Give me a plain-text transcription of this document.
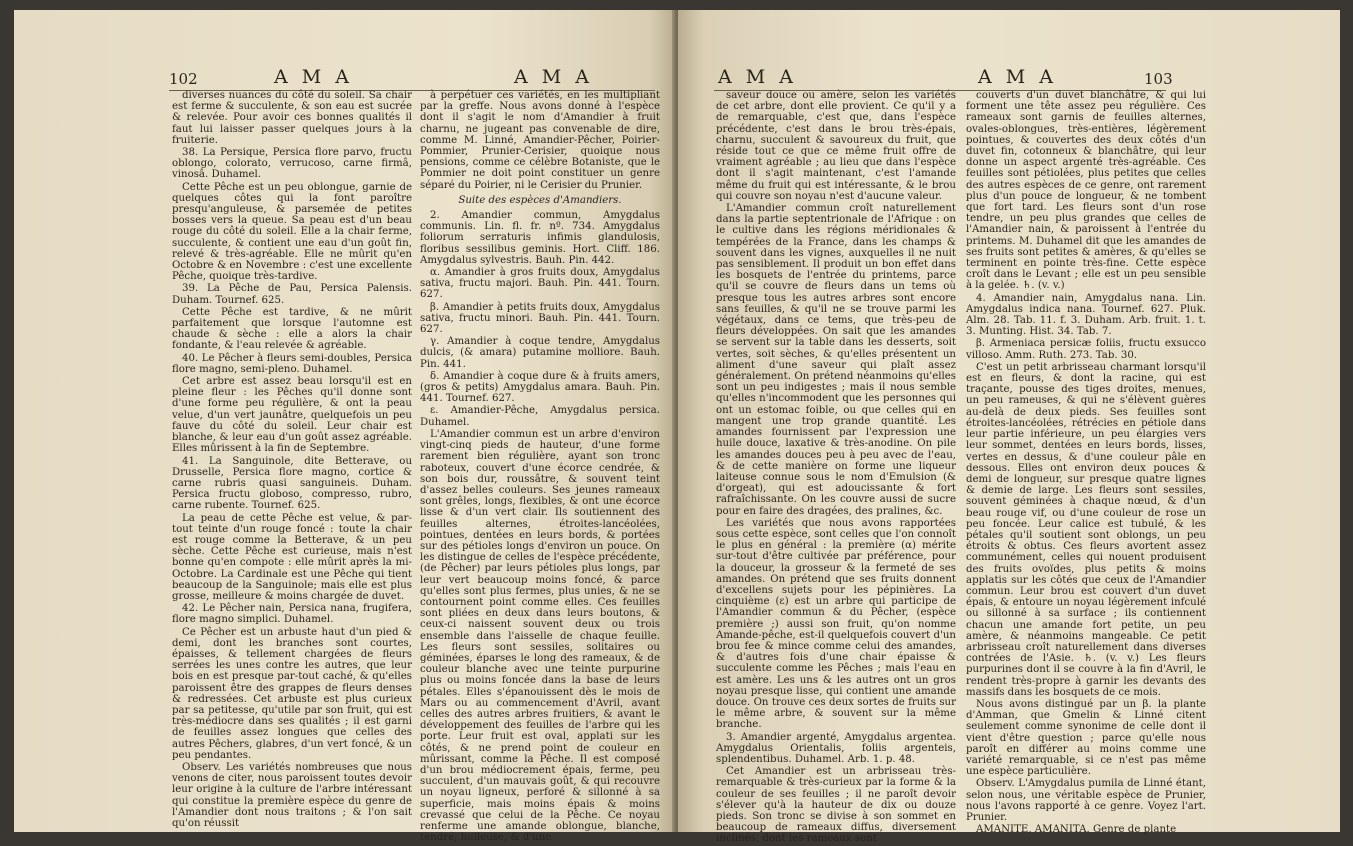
102	A M A	A M A

diverses nuances du côté du soleil. Sa chair est ferme & succulente, & son eau est sucrée & relevée. Pour avoir ces bonnes qualités il faut lui laisser passer quelques jours à la fruiterie.

38. La Persique, Persica flore parvo, fructu oblongo, colorato, verrucoso, carne firmâ, vinosâ. Duhamel.

Cette Pêche est un peu oblongue, garnie de quelques côtes qui la font paroître presqu'anguleuse, & parsemée de petites bosses vers la queue. Sa peau est d'un beau rouge du côté du soleil. Elle a la chair ferme, succulente, & contient une eau d'un goût fin, relevé & très-agréable. Elle ne mûrit qu'en Octobre & en Novembre : c'est une excellente Pêche, quoique très-tardive.

39. La Pêche de Pau, Persica Palensis. Duham. Tournef. 625.

Cette Pêche est tardive, & ne mûrit parfaitement que lorsque l'automne est chaude & sèche : elle a alors la chair fondante, & l'eau relevée & agréable.

40. Le Pêcher à fleurs semi-doubles, Persica flore magno, semi-pleno. Duhamel.

Cet arbre est assez beau lorsqu'il est en pleine fleur : les Pêches qu'il donne sont d'une forme peu régulière, & ont la peau velue, d'un vert jaunâtre, quelquefois un peu fauve du côté du soleil. Leur chair est blanche, & leur eau d'un goût assez agréable. Elles mûrissent à la fin de Septembre.

41. La Sanguinole, dite Betterave, ou Drusselle, Persica flore magno, cortice & carne rubris quasi sanguineis. Duham. Persica fructu globoso, compresso, rubro, carne rubente. Tournef. 625.

La peau de cette Pêche est velue, & par-tout teinte d'un rouge foncé : toute la chair est rouge comme la Betterave, & un peu sèche. Cette Pêche est curieuse, mais n'est bonne qu'en compote : elle mûrit après la mi-Octobre. La Cardinale est une Pêche qui tient beaucoup de la Sanguinole; mais elle est plus grosse, meilleure & moins chargée de duvet.

42. Le Pêcher nain, Persica nana, frugifera, flore magno simplici. Duhamel.

Ce Pêcher est un arbuste haut d'un pied & demi, dont les branches sont courtes, épaisses, & tellement chargées de fleurs serrées les unes contre les autres, que leur bois en est presque par-tout caché, & qu'elles paroissent être des grappes de fleurs denses & redressées. Cet arbuste est plus curieux par sa petitesse, qu'utile par son fruit, qui est très-médiocre dans ses qualités ; il est garni de feuilles assez longues que celles des autres Pêchers, glabres, d'un vert foncé, & un peu pendantes.

Observ. Les variétés nombreuses que nous venons de citer, nous paroissent toutes devoir leur origine à la culture de l'arbre intéressant qui constitue la première espèce du genre de l'Amandier dont nous traitons ; & l'on sait qu'on réussit

à perpétuer ces variétés, en les multipliant par la greffe. Nous avons donné à l'espèce dont il s'agit le nom d'Amandier à fruit charnu, ne jugeant pas convenable de dire, comme M. Linné, Amandier-Pêcher, Poirier-Pommier, Prunier-Cerisier, quoique nous pensions, comme ce célèbre Botaniste, que le Pommier ne doit point constituer un genre séparé du Poirier, ni le Cerisier du Prunier.

Suite des espèces d'Amandiers.

2. Amandier commun, Amygdalus communis. Lin. fl. fr. nº. 734. Amygdalus foliorum serraturis infimis glandulosis, floribus sessilibus geminis. Hort. Cliff. 186. Amygdalus sylvestris. Bauh. Pin. 442.

α. Amandier à gros fruits doux, Amygdalus sativa, fructu majori. Bauh. Pin. 441. Tourn. 627.

β. Amandier à petits fruits doux, Amygdalus sativa, fructu minori. Bauh. Pin. 441. Tourn. 627.

γ. Amandier à coque tendre, Amygdalus dulcis, (& amara) putamine molliore. Bauh. Pin. 441.

δ. Amandier à coque dure & à fruits amers, (gros & petits) Amygdalus amara. Bauh. Pin. 441. Tournef. 627.

ε. Amandier-Pêche, Amygdalus persica. Duhamel.

L'Amandier commun est un arbre d'environ vingt-cinq pieds de hauteur, d'une forme rarement bien régulière, ayant son tronc raboteux, couvert d'une écorce cendrée, & son bois dur, roussâtre, & souvent teint d'assez belles couleurs. Ses jeunes rameaux sont grêles, longs, flexibles, & ont une écorce lisse & d'un vert clair. Ils soutiennent des feuilles alternes, étroites-lancéolées, pointues, dentées en leurs bords, & portées sur des pétioles longs d'environ un pouce. On les distingue de celles de l'espèce précédente, (de Pêcher) par leurs pétioles plus longs, par leur vert beaucoup moins foncé, & parce qu'elles sont plus fermes, plus unies, & ne se contournent point comme elles. Ces feuilles sont pliées en deux dans leurs boutons, & ceux-ci naissent souvent deux ou trois ensemble dans l'aisselle de chaque feuille. Les fleurs sont sessiles, solitaires ou géminées, éparses le long des rameaux, & de couleur blanche avec une teinte purpurine plus ou moins foncée dans la base de leurs pétales. Elles s'épanouissent dès le mois de Mars ou au commencement d'Avril, avant celles des autres arbres fruitiers, & avant le développement des feuilles de l'arbre qui les porte. Leur fruit est oval, applati sur les côtés, & ne prend point de couleur en mûrissant, comme la Pêche. Il est composé d'un brou médiocrement épais, ferme, peu succulent, d'un mauvais goût, & qui recouvre un noyau ligneux, perforé & sillonné à sa superficie, mais moins épais & moins crevassé que celui de la Pêche. Ce noyau renferme une amande oblongue, blanche, tendre, huileuse, & d'une

A M A	A M A	103

saveur douce ou amère, selon les variétés de cet arbre, dont elle provient. Ce qu'il y a de remarquable, c'est que, dans l'espèce précédente, c'est dans le brou très-épais, charnu, succulent & savoureux du fruit, que réside tout ce que ce même fruit offre de vraiment agréable ; au lieu que dans l'espèce dont il s'agit maintenant, c'est l'amande même du fruit qui est intéressante, & le brou qui couvre son noyau n'est d'aucune valeur.

L'Amandier commun croît naturellement dans la partie septentrionale de l'Afrique : on le cultive dans les régions méridionales & tempérées de la France, dans les champs & souvent dans les vignes, auxquelles il ne nuit pas sensiblement. Il produit un bon effet dans les bosquets de l'entrée du printems, parce qu'il se couvre de fleurs dans un tems où presque tous les autres arbres sont encore sans feuilles, & qu'il ne se trouve parmi les végétaux, dans ce tems, que très-peu de fleurs développées. On sait que les amandes se servent sur la table dans les desserts, soit vertes, soit sèches, & qu'elles présentent un aliment d'une saveur qui plaît assez généralement. On prétend néanmoins qu'elles sont un peu indigestes ; mais il nous semble qu'elles n'incommodent que les personnes qui ont un estomac foible, ou que celles qui en mangent une trop grande quantité. Les amandes fournissent par l'expression une huile douce, laxative & très-anodine. On pile les amandes douces peu à peu avec de l'eau, & de cette manière on forme une liqueur laiteuse connue sous le nom d'Emulsion (& d'orgeat), qui est adoucissante & fort rafraîchissante. On les couvre aussi de sucre pour en faire des dragées, des pralines, &c.

Les variétés que nous avons rapportées sous cette espèce, sont celles que l'on connoît le plus en général : la première (α) mérite sur-tout d'être cultivée par préférence, pour la douceur, la grosseur & la fermeté de ses amandes. On prétend que ses fruits donnent d'excellens sujets pour les pépinières. La cinquième (ε) est un arbre qui participe de l'Amandier commun & du Pêcher, (espèce première ;) aussi son fruit, qu'on nomme Amande-pêche, est-il quelquefois couvert d'un brou fee & mince comme celui des amandes, & d'autres fois d'une chair épaisse & succulente comme les Pêches ; mais l'eau en est amère. Les uns & les autres ont un gros noyau presque lisse, qui contient une amande douce. On trouve ces deux sortes de fruits sur le même arbre, & souvent sur la même branche.

3. Amandier argenté, Amygdalus argentea. Amygdalus Orientalis, foliis argenteis, splendentibus. Duhamel. Arb. 1. p. 48.

Cet Amandier est un arbrisseau très-remarquable & très-curieux par la forme & la couleur de ses feuilles ; il ne paroît devoir s'élever qu'à la hauteur de dix ou douze pieds. Son tronc se divise à son sommet en beaucoup de rameaux diffus, diversement inclinés, dont les rameaux sont

couverts d'un duvet blanchâtre, & qui lui forment une tête assez peu régulière. Ces rameaux sont garnis de feuilles alternes, ovales-oblongues, très-entières, légèrement pointues, & couvertes des deux côtés d'un duvet fin, cotonneux & blanchâtre, qui leur donne un aspect argenté très-agréable. Ces feuilles sont pétiolées, plus petites que celles des autres espèces de ce genre, ont rarement plus d'un pouce de longueur, & ne tombent que fort tard. Les fleurs sont d'un rose tendre, un peu plus grandes que celles de l'Amandier nain, & paroissent à l'entrée du printems. M. Duhamel dit que les amandes de ses fruits sont petites & amères, & qu'elles se terminent en pointe très-fine. Cette espèce croît dans le Levant ; elle est un peu sensible à la gelée. ♄. (v. v.)

4. Amandier nain, Amygdalus nana. Lin. Amygdalus indica nana. Tournef. 627. Pluk. Alm. 28. Tab. 11. f. 3. Duham. Arb. fruit. 1. t. 3. Munting. Hist. 34. Tab. 7.

β. Armeniaca persicæ foliis, fructu exsucco villoso. Amm. Ruth. 273. Tab. 30.

C'est un petit arbrisseau charmant lorsqu'il est en fleurs, & dont la racine, qui est traçante, pousse des tiges droites, menues, un peu rameuses, & qui ne s'élèvent guères au-delà de deux pieds. Ses feuilles sont étroites-lancéolées, rétrécies en pétiole dans leur partie inférieure, un peu élargies vers leur sommet, dentées en leurs bords, lisses, vertes en dessus, & d'une couleur pâle en dessous. Elles ont environ deux pouces & demi de longueur, sur presque quatre lignes & demie de large. Les fleurs sont sessiles, souvent géminées à chaque nœud, & d'un beau rouge vif, ou d'une couleur de rose un peu foncée. Leur calice est tubulé, & les pétales qu'il soutient sont oblongs, un peu étroits & obtus. Ces fleurs avortent assez communément, celles qui nouent produisent des fruits ovoïdes, plus petits & moins applatis sur les côtés que ceux de l'Amandier commun. Leur brou est couvert d'un duvet épais, & entoure un noyau légèrement infculé ou sillonné à sa surface ; ils contiennent chacun une amande fort petite, un peu amère, & néanmoins mangeable. Ce petit arbrisseau croît naturellement dans diverses contrées de l'Asie. ♄. (v. v.) Les fleurs purpurines dont il se couvre à la fin d'Avril, le rendent très-propre à garnir les devants des massifs dans les bosquets de ce mois.

Nous avons distingué par un β. la plante d'Amman, que Gmelin & Linné citent seulement comme synonime de celle dont il vient d'être question ; parce qu'elle nous paroît en différer au moins comme une variété remarquable, si ce n'est pas même une espèce particulière.

Observ. L'Amygdalus pumila de Linné étant, selon nous, une véritable espèce de Prunier, nous l'avons rapporté à ce genre. Voyez l'art. Prunier.

AMANITE, AMANITA. Genre de plante
